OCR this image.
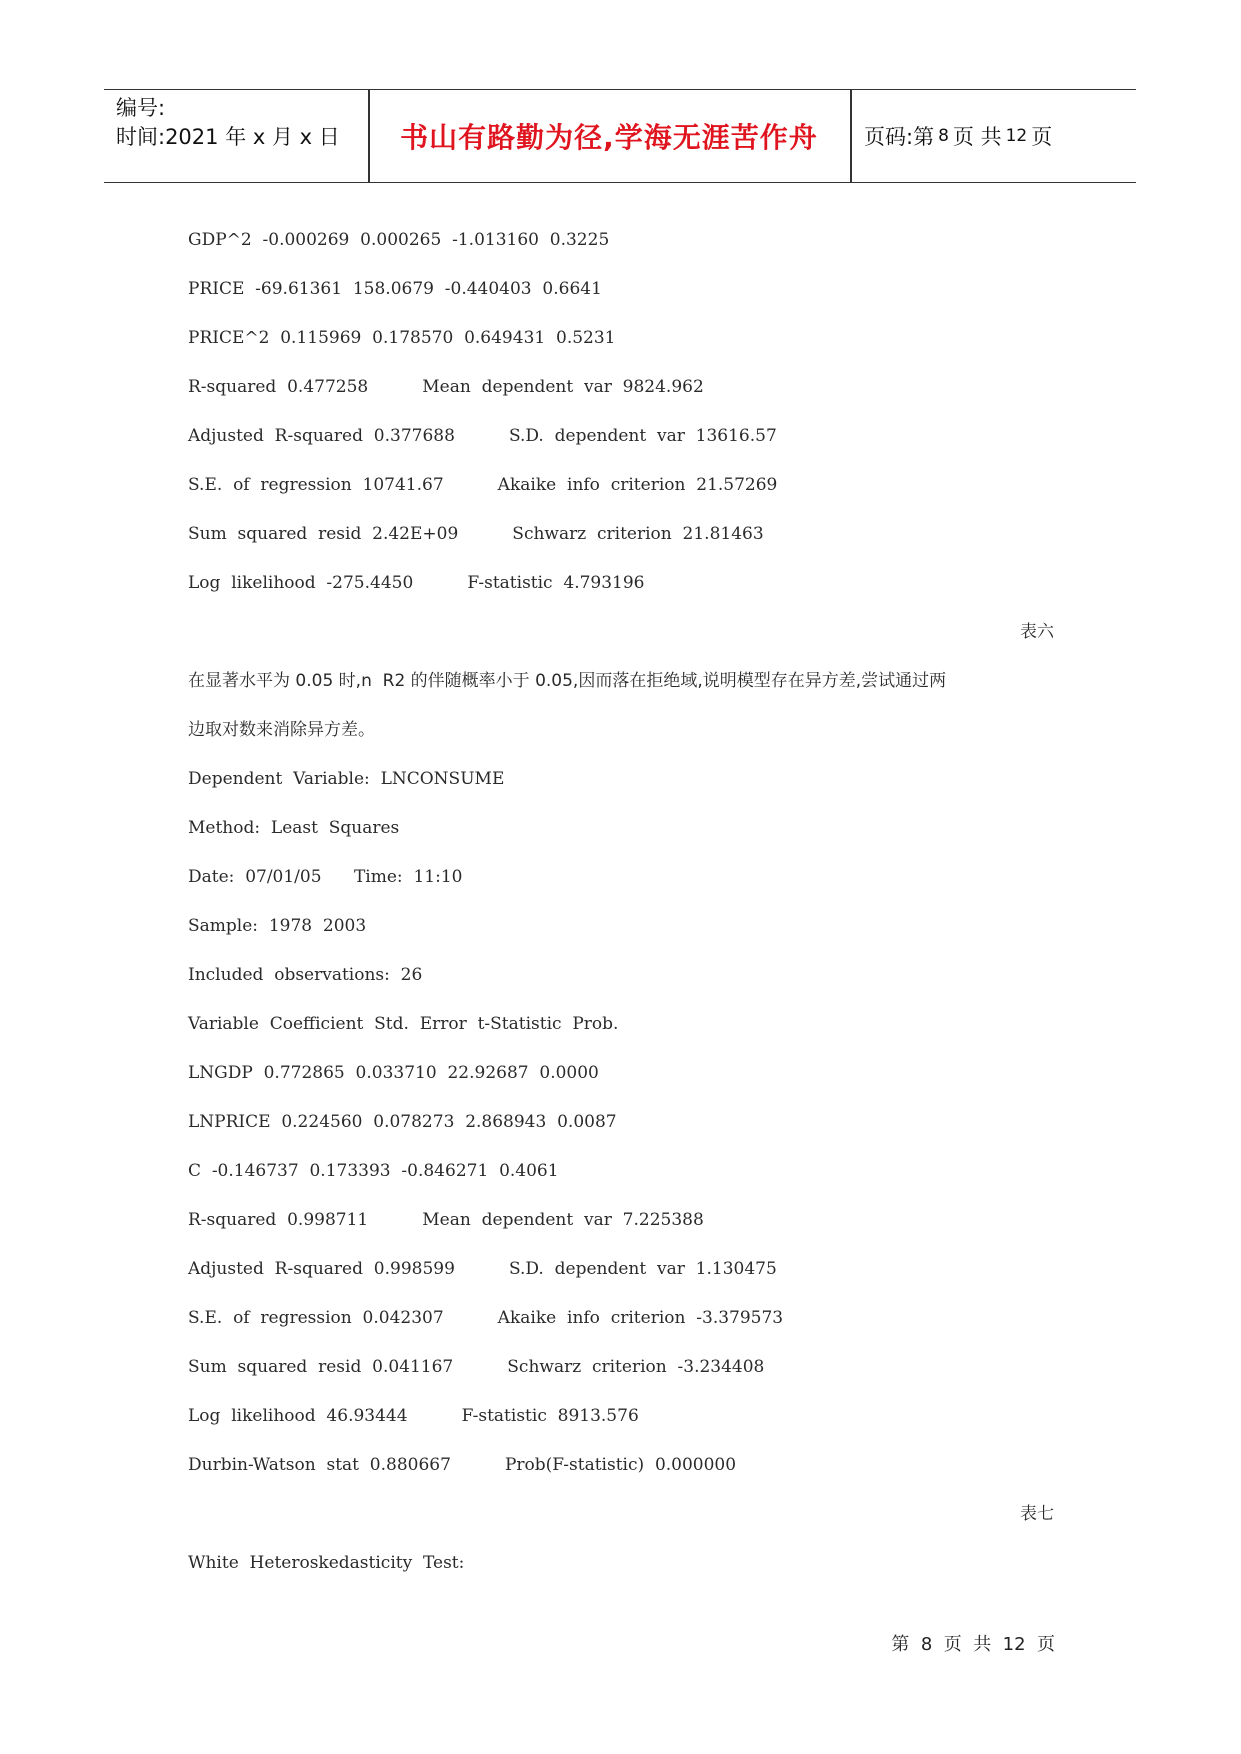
编号:
时间:2021 年 x 月 x 日	书山有路勤为径,学海无涯苦作舟	页码:第 8 页 共 12 页
GDP^2  -0.000269  0.000265  -1.013160  0.3225
PRICE  -69.61361  158.0679  -0.440403  0.6641
PRICE^2  0.115969  0.178570  0.649431  0.5231
R-squared  0.477258          Mean  dependent  var  9824.962
Adjusted  R-squared  0.377688          S.D.  dependent  var  13616.57
S.E.  of  regression  10741.67          Akaike  info  criterion  21.57269
Sum  squared  resid  2.42E+09          Schwarz  criterion  21.81463
Log  likelihood  -275.4450          F-statistic  4.793196
表六
在显著水平为 0.05 时,n  R2 的伴随概率小于 0.05,因而落在拒绝域,说明模型存在异方差,尝试通过两
边取对数来消除异方差。
Dependent  Variable:  LNCONSUME
Method:  Least  Squares
Date:  07/01/05      Time:  11:10
Sample:  1978  2003
Included  observations:  26
Variable  Coefficient  Std.  Error  t-Statistic  Prob.
LNGDP  0.772865  0.033710  22.92687  0.0000
LNPRICE  0.224560  0.078273  2.868943  0.0087
C  -0.146737  0.173393  -0.846271  0.4061
R-squared  0.998711          Mean  dependent  var  7.225388
Adjusted  R-squared  0.998599          S.D.  dependent  var  1.130475
S.E.  of  regression  0.042307          Akaike  info  criterion  -3.379573
Sum  squared  resid  0.041167          Schwarz  criterion  -3.234408
Log  likelihood  46.93444          F-statistic  8913.576
Durbin-Watson  stat  0.880667          Prob(F-statistic)  0.000000
表七
White  Heteroskedasticity  Test:
第  8  页  共  12  页
